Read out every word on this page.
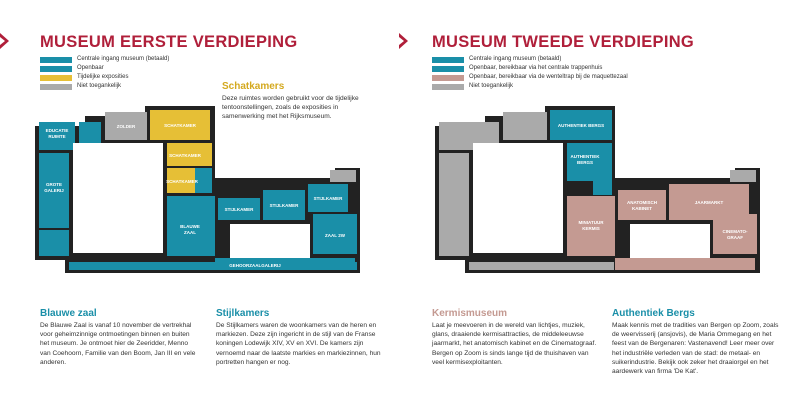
MUSEUM EERSTE VERDIEPING
Centrale ingang museum (betaald)
Openbaar
Tijdelijke exposities
Niet toegankelijk
EDUCATIE
RUIMTE
ZOLDER	SCHATKAMER
GROTE
GALERIJ
SCHATKAMER
SCHATKAMER
BLAUWE
ZAAL
STIJLKAMER
STIJLKAMER
STIJLKAMER
ZAAL 2W
GEHOORZAALGALERIJ
Schatkamers
Deze ruimtes worden gebruikt voor de tijdelijke tentoonstellingen, zoals de exposities in samenwerking met het Rijksmuseum.
Blauwe zaal
De Blauwe Zaal is vanaf 10 november de vertrekhal voor geheimzinnige ontmoetingen binnen en buiten het museum. Je ontmoet hier de Zeeridder, Menno van Coehoorn, Familie van den Boom, Jan III en vele anderen.
Stijlkamers
De Stijlkamers waren de woonkamers van de heren en markiezen. Deze zijn ingericht in de stijl van de Franse koningen Lodewijk XIV, XV en XVI. De kamers zijn vernoemd naar de laatste markies en markiezinnen, hun portretten hangen er nog.
MUSEUM TWEEDE VERDIEPING
Centrale ingang museum (betaald)
Openbaar, bereikbaar via het centrale trappenhuis
Openbaar, bereikbaar via de wenteltrap bij de maquettezaal
Niet toegankelijk
AUTHENTIEK BERGS
AUTHENTIEK
BERGS
ANATOMISCH
KABINET
JAARMARKT
MINIATUUR
KERMIS
CINEMATO-
GRAAF
Kermismuseum
Laat je meevoeren in de wereld van lichtjes, muziek, glans, draaiende kermisattracties, de middeleeuwse jaarmarkt, het anatomisch kabinet en de Cinematograaf. Bergen op Zoom is sinds lange tijd de thuishaven van veel kermisexploitanten.
Authentiek Bergs
Maak kennis met de tradities van Bergen op Zoom, zoals de weervisserij (ansjovis), de Maria Ommegang en het feest van de Bergenaren: Vastenavend! Leer meer over het industriële verleden van de stad: de metaal- en suikerindustrie. Bekijk ook zeker het draaiorgel en het aardewerk van firma 'De Kat'.
